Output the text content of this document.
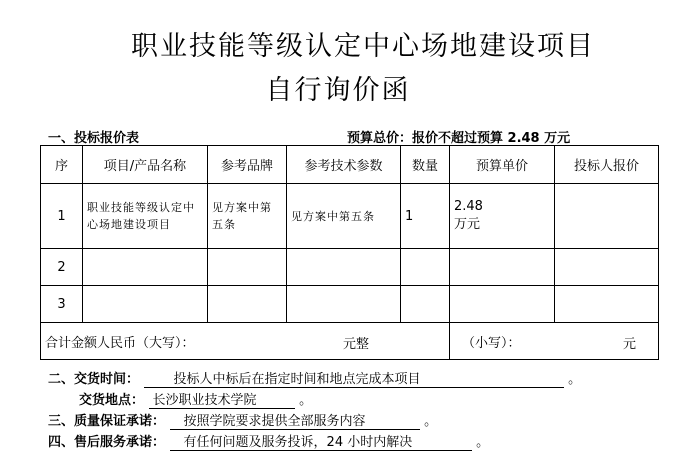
职业技能等级认定中心场地建设项目
自行询价函
一、投标报价表	预算总价：报价不超过预算 2.48 万元
序	项目/产品名称	参考品牌	参考技术参数	数量	预算单价	投标人报价
1	职业技能等级认定中心场地建设项目	见方案中第五条	见方案中第五条	1	2.48
万元	

2						
3						
合计金额人民币（大写）： 元整					（小写）： 元	
二、交货时间：	投标人中标后在指定时间和地点完成本项目	。
交货地点： 长沙职业技术学院	。
三、质量保证承诺： 按照学院要求提供全部服务内容	。
四、售后服务承诺： 有任何问题及服务投诉，24 小时内解决	。
